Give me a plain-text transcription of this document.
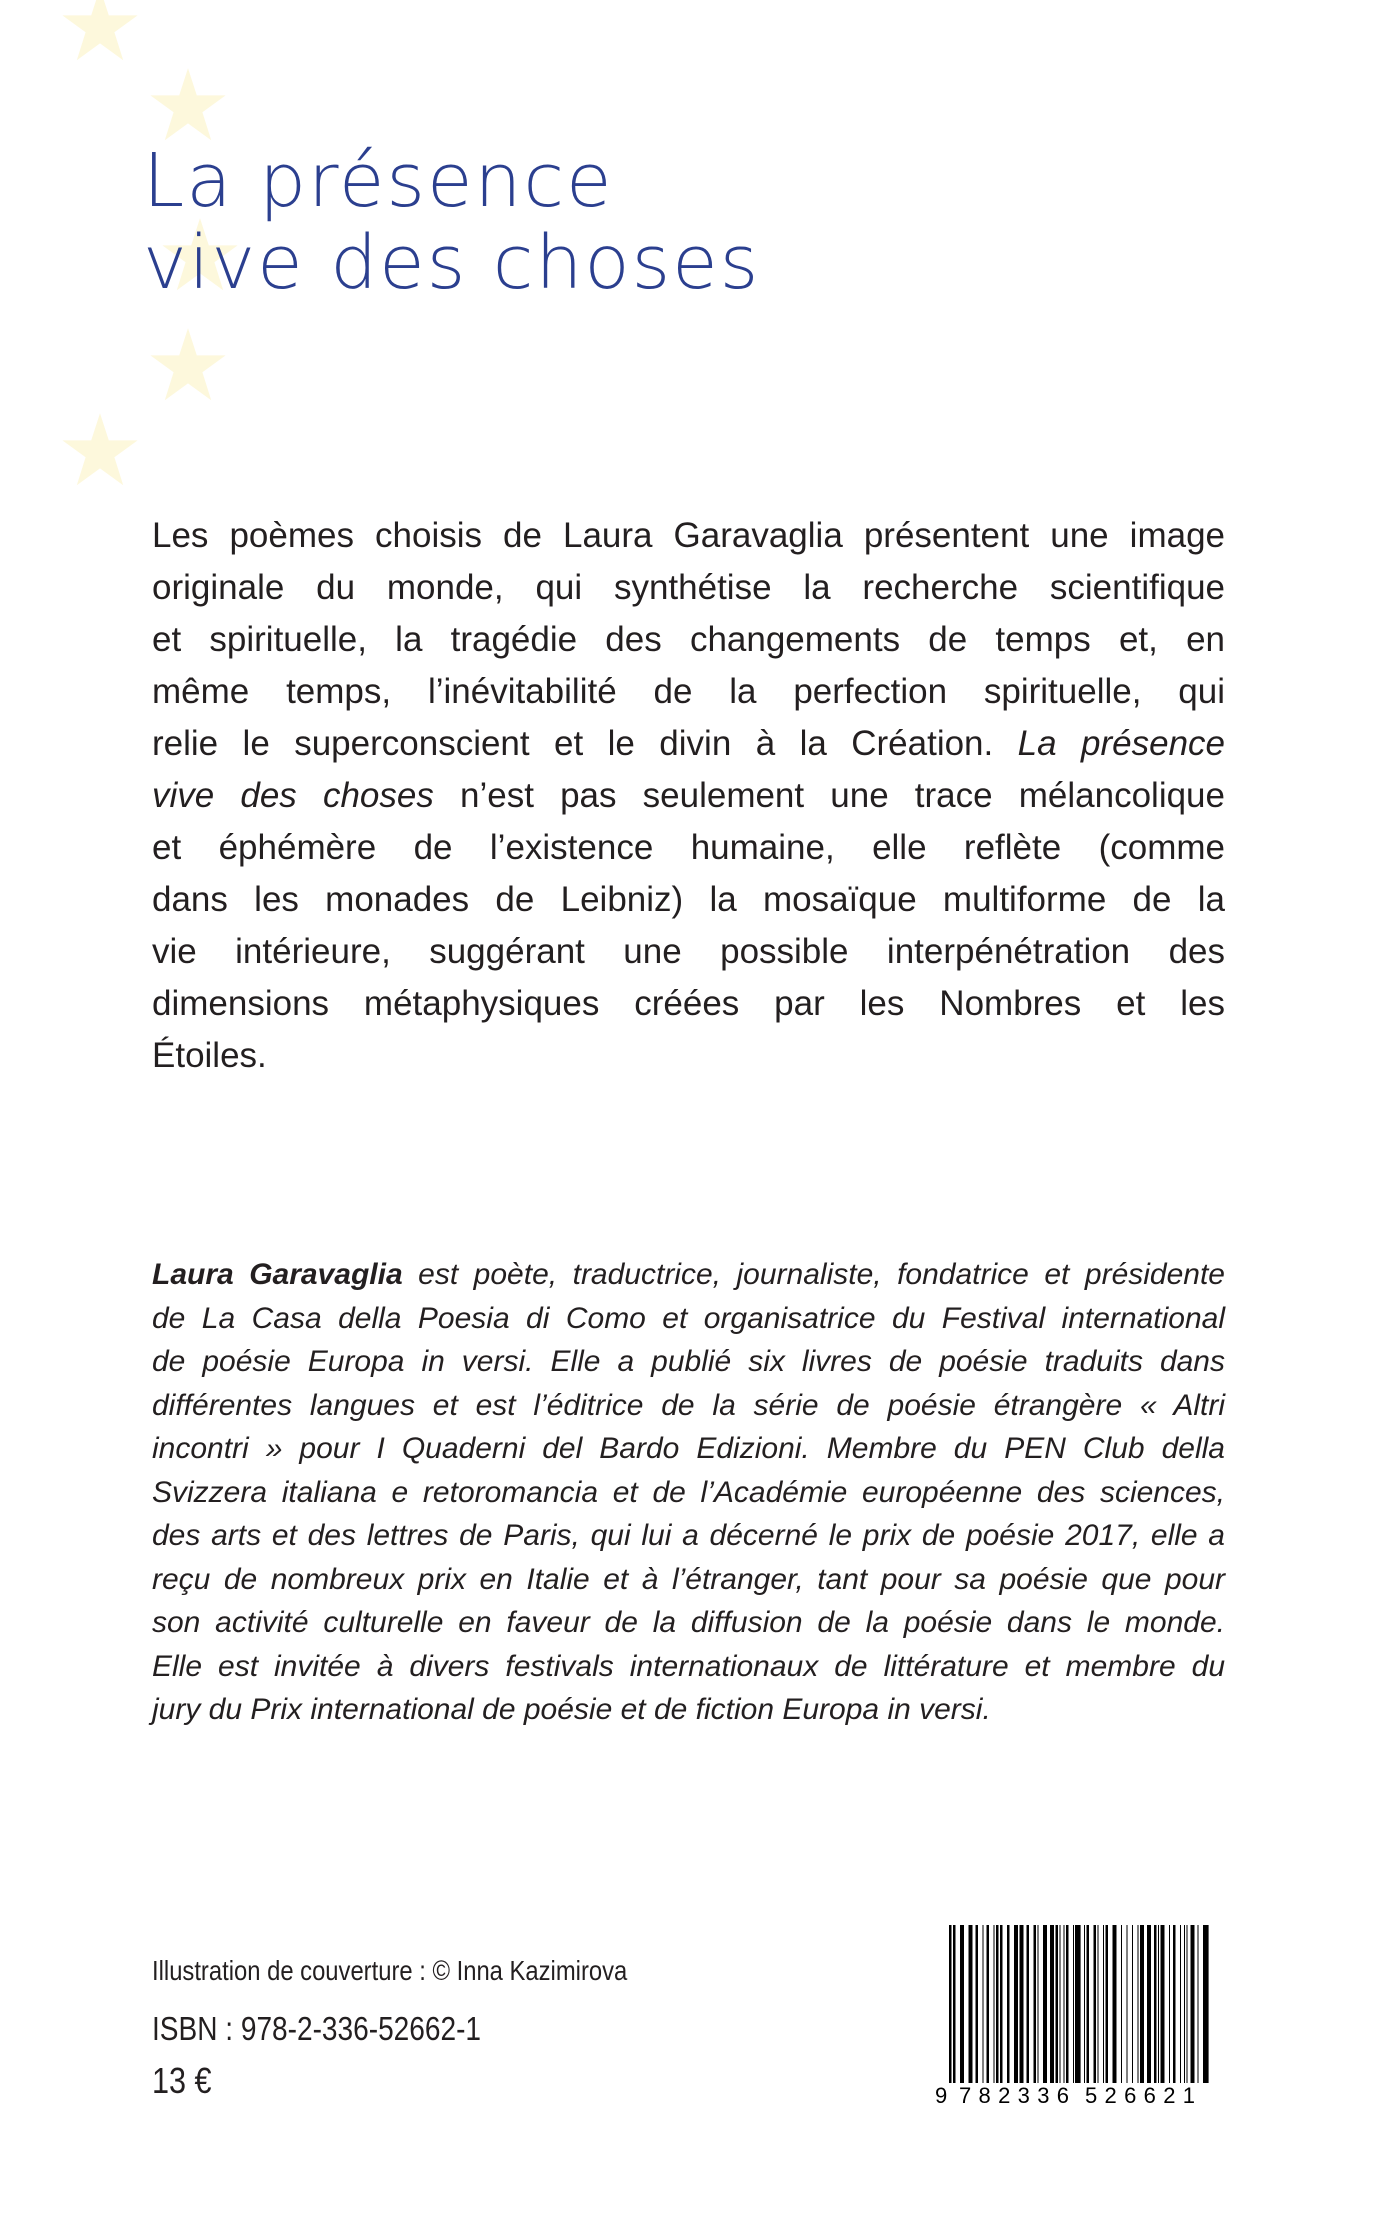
La présence
vive des choses
Les poèmes choisis de Laura Garavaglia présentent une image
originale du monde, qui synthétise la recherche scientifique
et spirituelle, la tragédie des changements de temps et, en
même temps, l’inévitabilité de la perfection spirituelle, qui
relie le superconscient et le divin à la Création. La présence
vive des choses n’est pas seulement une trace mélancolique
et éphémère de l’existence humaine, elle reflète (comme
dans les monades de Leibniz) la mosaïque multiforme de la
vie intérieure, suggérant une possible interpénétration des
dimensions métaphysiques créées par les Nombres et les
Étoiles.
Laura Garavaglia est poète, traductrice, journaliste, fondatrice et présidente
de La Casa della Poesia di Como et organisatrice du Festival international
de poésie Europa in versi. Elle a publié six livres de poésie traduits dans
différentes langues et est l’éditrice de la série de poésie étrangère « Altri
incontri » pour I Quaderni del Bardo Edizioni. Membre du PEN Club della
Svizzera italiana e retoromancia et de l’Académie européenne des sciences,
des arts et des lettres de Paris, qui lui a décerné le prix de poésie 2017, elle a
reçu de nombreux prix en Italie et à l’étranger, tant pour sa poésie que pour
son activité culturelle en faveur de la diffusion de la poésie dans le monde.
Elle est invitée à divers festivals internationaux de littérature et membre du
jury du Prix international de poésie et de fiction Europa in versi.
Illustration de couverture : © Inna Kazimirova
ISBN : 978-2-336-52662-1
13 €	9 782336 526621
